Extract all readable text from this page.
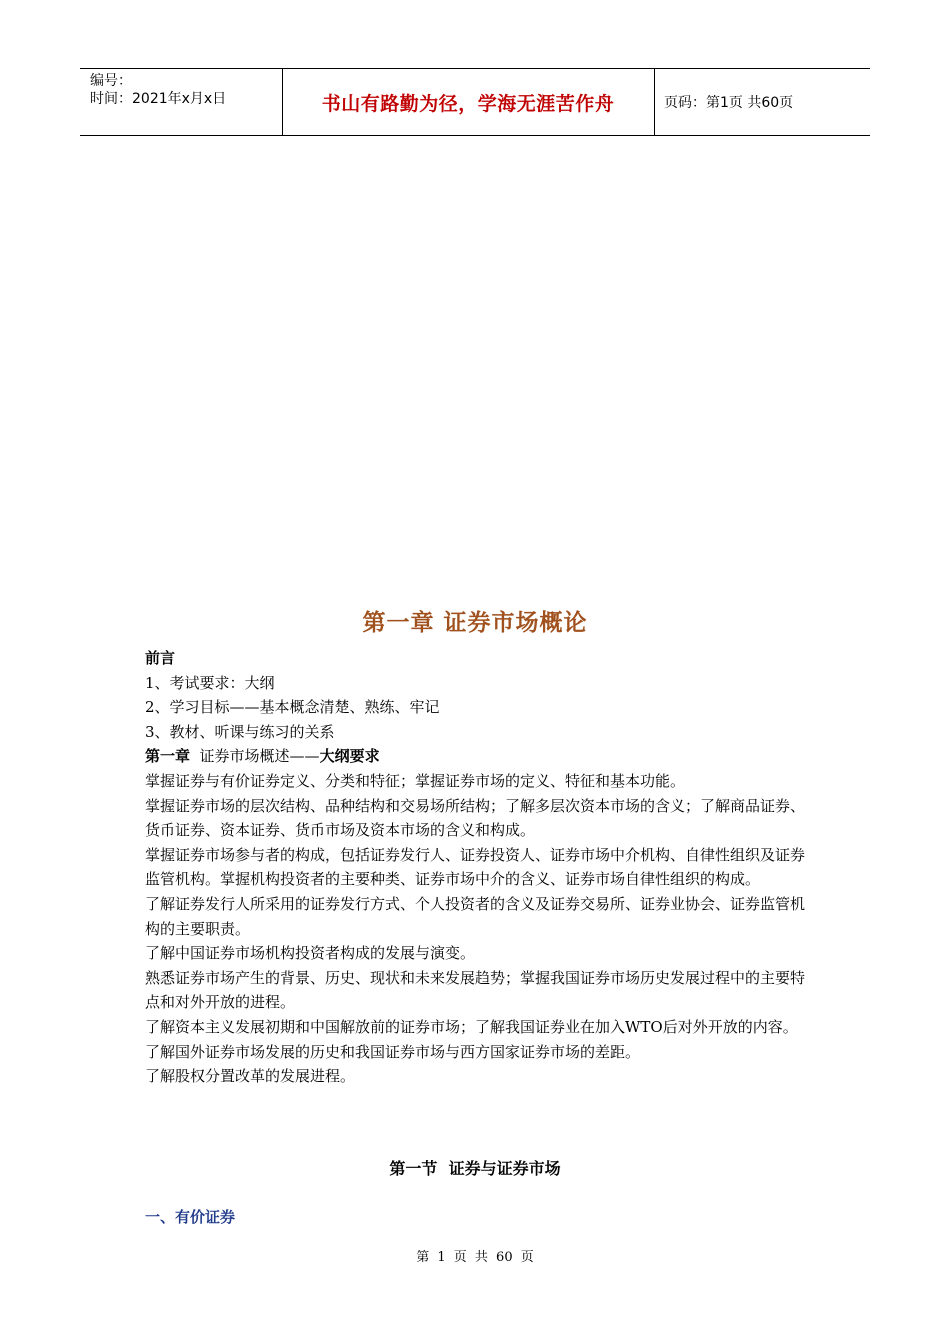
编号：
时间：2021年x月x日	书山有路勤为径，学海无涯苦作舟	页码：第1页 共60页
第一章 证券市场概论

前言

1、考试要求：大纲

2、学习目标——基本概念清楚、熟练、牢记

3、教材、听课与练习的关系

第一章  证券市场概述——大纲要求

掌握证券与有价证券定义、分类和特征；掌握证券市场的定义、特征和基本功能。

掌握证券市场的层次结构、品种结构和交易场所结构；了解多层次资本市场的含义；了解商品证券、货币证券、资本证券、货币市场及资本市场的含义和构成。

掌握证券市场参与者的构成，包括证券发行人、证券投资人、证券市场中介机构、自律性组织及证券监管机构。掌握机构投资者的主要种类、证券市场中介的含义、证券市场自律性组织的构成。

了解证券发行人所采用的证券发行方式、个人投资者的含义及证券交易所、证券业协会、证券监管机构的主要职责。

了解中国证券市场机构投资者构成的发展与演变。

熟悉证券市场产生的背景、历史、现状和未来发展趋势；掌握我国证券市场历史发展过程中的主要特点和对外开放的进程。

了解资本主义发展初期和中国解放前的证券市场；了解我国证券业在加入WTO后对外开放的内容。

了解国外证券市场发展的历史和我国证券市场与西方国家证券市场的差距。

了解股权分置改革的发展进程。

第一节  证券与证券市场
一、有价证券
第 1 页 共 60 页
